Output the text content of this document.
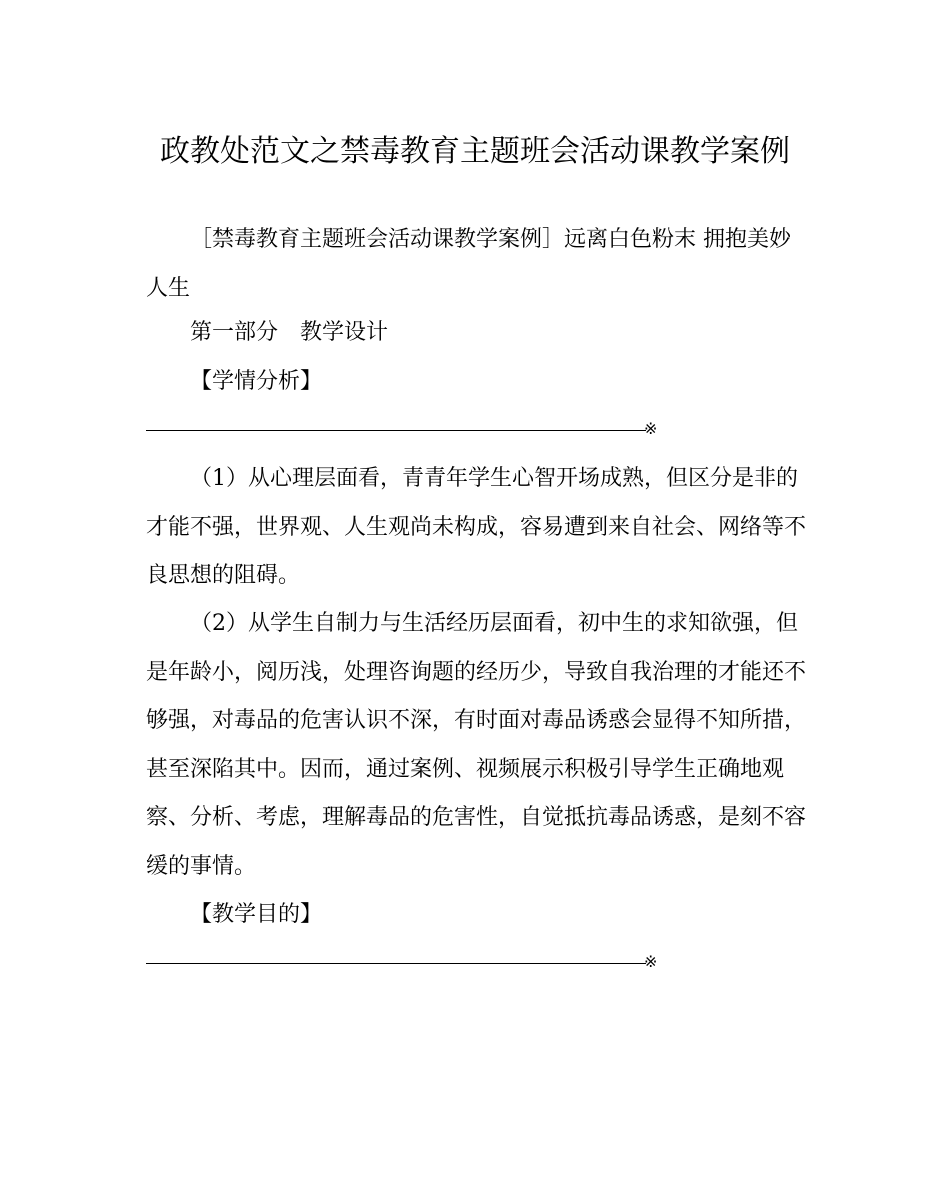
政教处范文之禁毒教育主题班会活动课教学案例

［禁毒教育主题班会活动课教学案例］远离白色粉末 拥抱美妙人生

第一部分　教学设计

【学情分析】

※

（1）从心理层面看，青青年学生心智开场成熟，但区分是非的才能不强，世界观、人生观尚未构成，容易遭到来自社会、网络等不良思想的阻碍。

（2）从学生自制力与生活经历层面看，初中生的求知欲强，但是年龄小，阅历浅，处理咨询题的经历少，导致自我治理的才能还不够强，对毒品的危害认识不深，有时面对毒品诱惑会显得不知所措，甚至深陷其中。因而，通过案例、视频展示积极引导学生正确地观察、分析、考虑，理解毒品的危害性，自觉抵抗毒品诱惑，是刻不容缓的事情。

【教学目的】

※
